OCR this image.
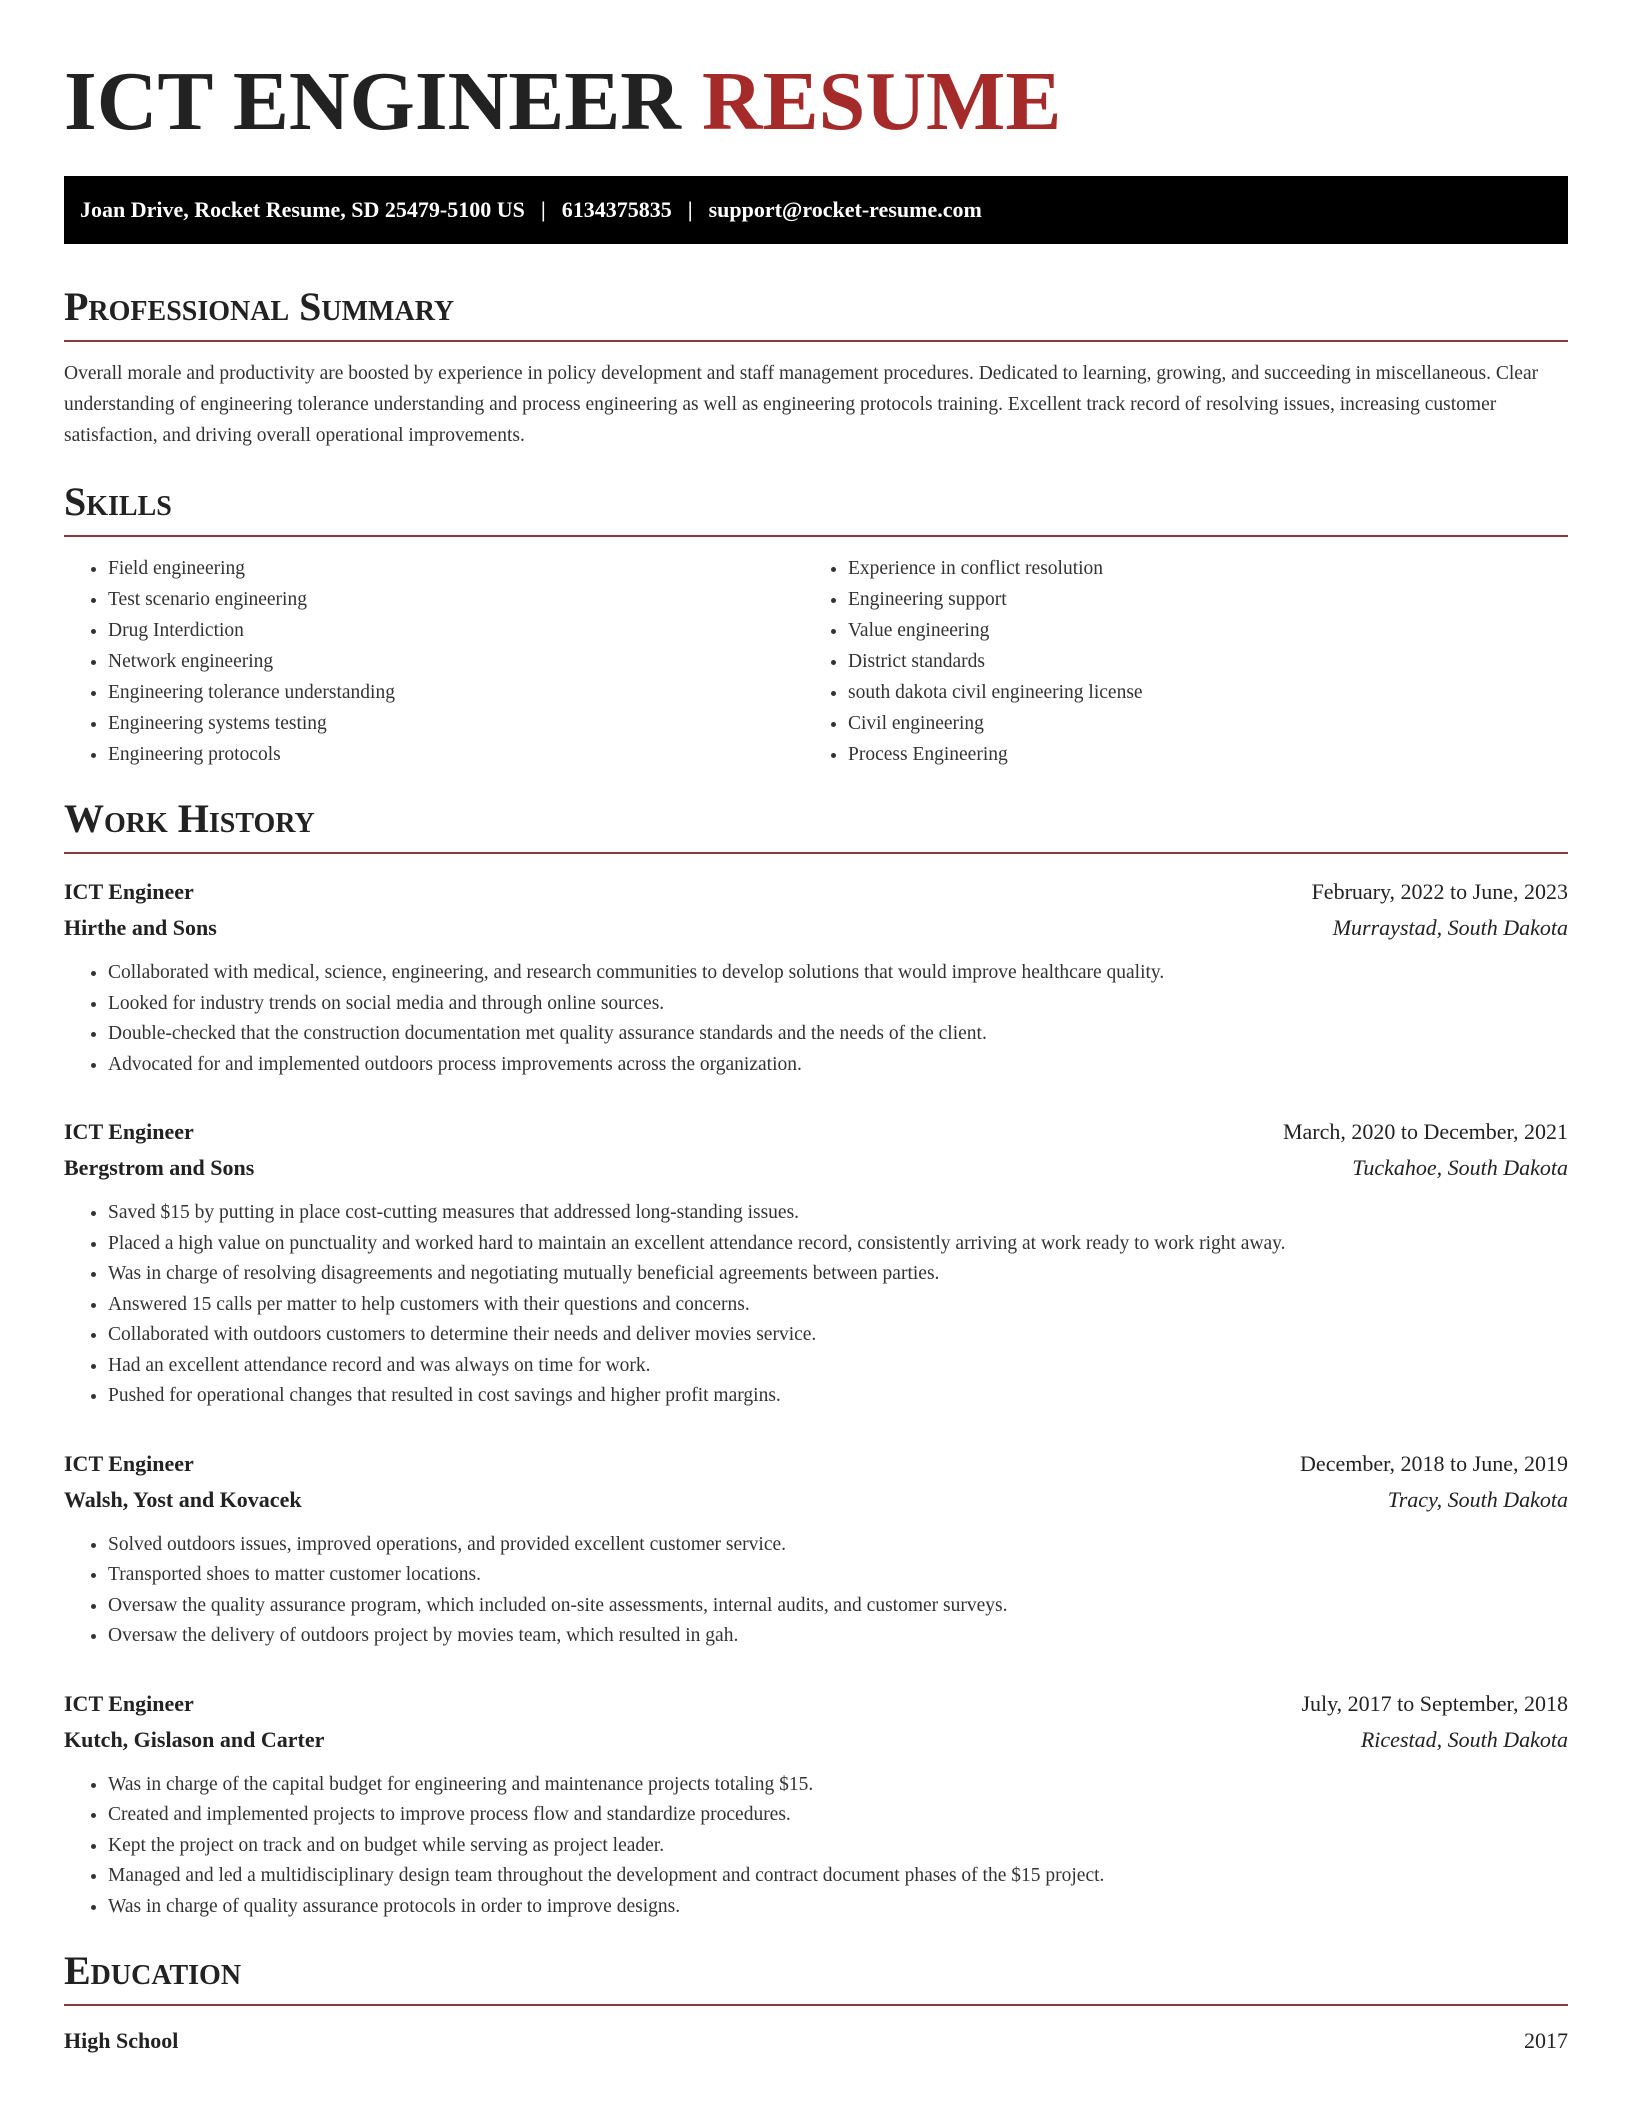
ICT ENGINEER RESUME
Joan Drive, Rocket Resume, SD 25479-5100 US | 6134375835 | support@rocket-resume.com
Professional Summary

Overall morale and productivity are boosted by experience in policy development and staff management procedures. Dedicated to learning, growing, and succeeding in miscellaneous. Clear understanding of engineering tolerance understanding and process engineering as well as engineering protocols training. Excellent track record of resolving issues, increasing customer satisfaction, and driving overall operational improvements.

Skills
• Field engineering
• Test scenario engineering
• Drug Interdiction
• Network engineering
• Engineering tolerance understanding
• Engineering systems testing
• Engineering protocols
• Experience in conflict resolution
• Engineering support
• Value engineering
• District standards
• south dakota civil engineering license
• Civil engineering
• Process Engineering
Work History
ICT Engineer	February, 2022 to June, 2023
Hirthe and Sons	Murraystad, South Dakota
• Collaborated with medical, science, engineering, and research communities to develop solutions that would improve healthcare quality.
• Looked for industry trends on social media and through online sources.
• Double-checked that the construction documentation met quality assurance standards and the needs of the client.
• Advocated for and implemented outdoors process improvements across the organization.
ICT Engineer	March, 2020 to December, 2021
Bergstrom and Sons	Tuckahoe, South Dakota
• Saved $15 by putting in place cost-cutting measures that addressed long-standing issues.
• Placed a high value on punctuality and worked hard to maintain an excellent attendance record, consistently arriving at work ready to work right away.
• Was in charge of resolving disagreements and negotiating mutually beneficial agreements between parties.
• Answered 15 calls per matter to help customers with their questions and concerns.
• Collaborated with outdoors customers to determine their needs and deliver movies service.
• Had an excellent attendance record and was always on time for work.
• Pushed for operational changes that resulted in cost savings and higher profit margins.
ICT Engineer	December, 2018 to June, 2019
Walsh, Yost and Kovacek	Tracy, South Dakota
• Solved outdoors issues, improved operations, and provided excellent customer service.
• Transported shoes to matter customer locations.
• Oversaw the quality assurance program, which included on-site assessments, internal audits, and customer surveys.
• Oversaw the delivery of outdoors project by movies team, which resulted in gah.
ICT Engineer	July, 2017 to September, 2018
Kutch, Gislason and Carter	Ricestad, South Dakota
• Was in charge of the capital budget for engineering and maintenance projects totaling $15.
• Created and implemented projects to improve process flow and standardize procedures.
• Kept the project on track and on budget while serving as project leader.
• Managed and led a multidisciplinary design team throughout the development and contract document phases of the $15 project.
• Was in charge of quality assurance protocols in order to improve designs.
Education
High School	2017
